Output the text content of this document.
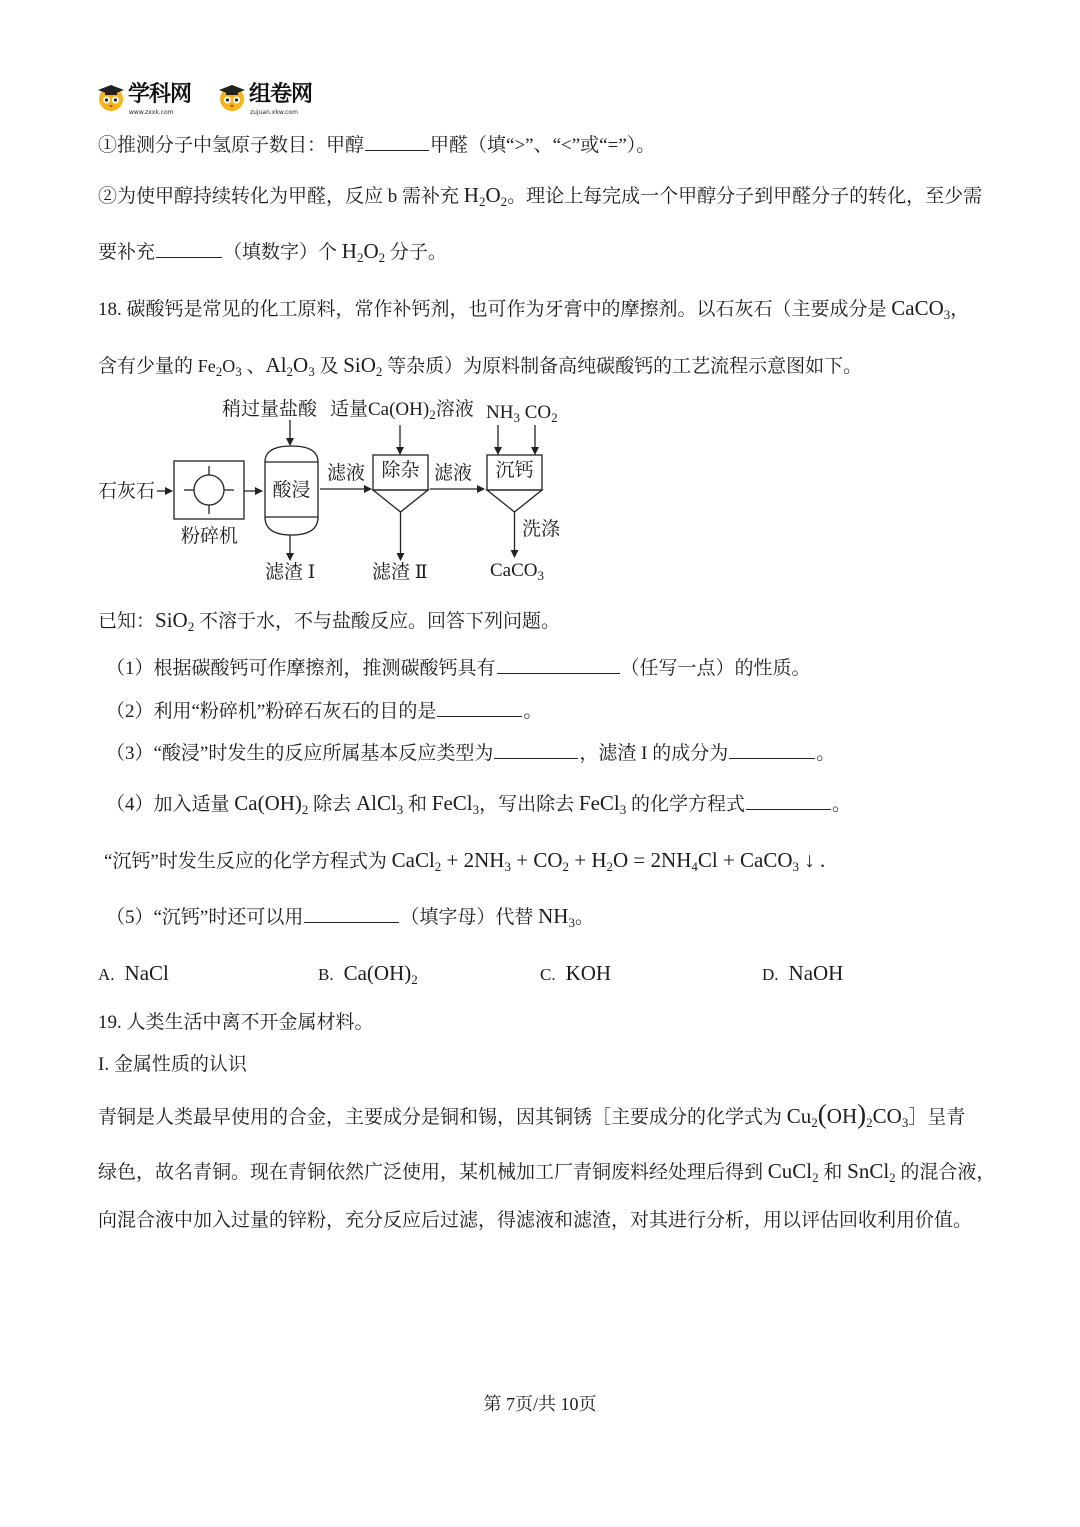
学科网
www.zxxk.com
组卷网
zujuan.xkw.com
①推测分子中氢原子数目：甲醇	甲醛（填“>”、“<”或“=”）。
②为使甲醇持续转化为甲醛，反应 b 需补充 $H_2O_2$。理论上每完成一个甲醇分子到甲醛分子的转化，至少需
要补充	（填数字）个 $H_2O_2$ 分子。
18. 碳酸钙是常见的化工原料，常作补钙剂，也可作为牙膏中的摩擦剂。以石灰石（主要成分是 CaCO$_3$，
含有少量的 $Fe_2O_3$ 、$Al_2O_3$ 及 SiO$_2$ 等杂质）为原料制备高纯碳酸钙的工艺流程示意图如下。
稍过量盐酸 适量$Ca(OH)_2$溶液 $NH_3$ $CO_2$
石灰石
粉碎机
酸浸
滤液 除杂 滤液	沉钙
洗涤
滤渣 Ⅰ	滤渣 Ⅱ	CaCO$_3$
已知：SiO$_2$ 不溶于水，不与盐酸反应。回答下列问题。
（1）根据碳酸钙可作摩擦剂，推测碳酸钙具有	（任写一点）的性质。
（2）利用“粉碎机”粉碎石灰石的目的是	。
（3）“酸浸”时发生的反应所属基本反应类型为	，滤渣 I 的成分为	。
（4）加入适量 $Ca(OH)_2$ 除去 AlCl$_3$ 和 FeCl$_3$，写出除去 FeCl$_3$ 的化学方程式	。
“沉钙”时发生反应的化学方程式为 CaCl$_2$ + $2NH_3 + CO_2 + H_2O = 2NH_4Cl$ + CaCO$_3$ ↓ .
（5）“沉钙”时还可以用	（填字母）代替 $NH_3$。
A. NaCl	B. $Ca(OH)_2$	C. KOH	D. NaOH
19. 人类生活中离不开金属材料。
I. 金属性质的认识
青铜是人类最早使用的合金，主要成分是铜和锡，因其铜锈［主要成分的化学式为 $Cu_2(OH)_2CO_3]$呈青
绿色，故名青铜。现在青铜依然广泛使用，某机械加工厂青铜废料经处理后得到 CuCl$_2$ 和 SnCl$_2$ 的混合液，
向混合液中加入过量的锌粉，充分反应后过滤，得滤液和滤渣，对其进行分析，用以评估回收利用价值。
第 7页/共 10页
